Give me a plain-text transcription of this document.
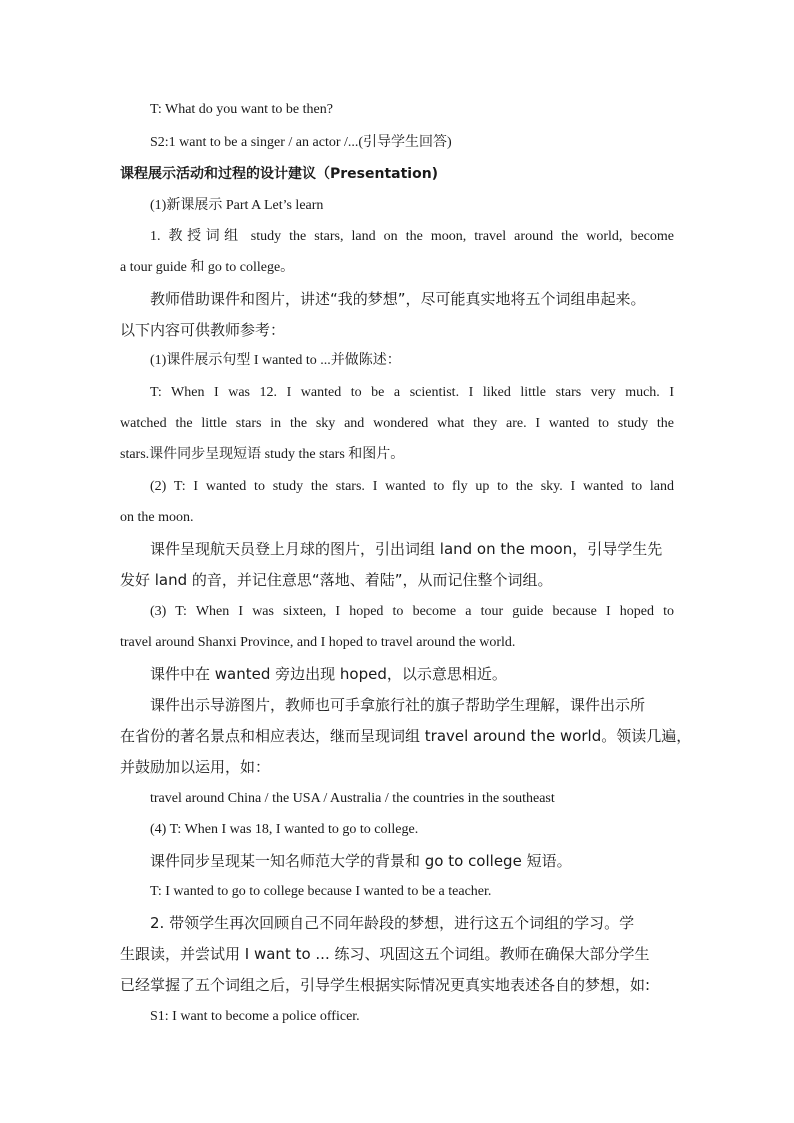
T: What do you want to be then?
S2:1 want to be a singer / an actor /...(引导学生回答)
课程展示活动和过程的设计建议（Presentation)
(1)新课展示 Part A Let’s learn
1. 教授词组 study the stars, land on the moon, travel around the world, become
a tour guide 和 go to college。
教师借助课件和图片，讲述“我的梦想”，尽可能真实地将五个词组串起来。
以下内容可供教师参考：
(1)课件展示句型 I wanted to ...并做陈述：
T: When I was 12. I wanted to be a scientist. I liked little stars very much. I
watched the little stars in the sky and wondered what they are. I wanted to study the
stars.课件同步呈现短语 study the stars 和图片。
(2) T: I wanted to study the stars. I wanted to fly up to the sky. I wanted to land
on the moon.
课件呈现航天员登上月球的图片，引出词组 land on the moon，引导学生先
发好 land 的音，并记住意思“落地、着陆”，从而记住整个词组。
(3) T: When I was sixteen, I hoped to become a tour guide because I hoped to
travel around Shanxi Province, and I hoped to travel around the world.
课件中在 wanted 旁边出现 hoped，以示意思相近。
课件出示导游图片，教师也可手拿旅行社的旗子帮助学生理解，课件出示所
在省份的著名景点和相应表达，继而呈现词组 travel around the world。领读几遍，
并鼓励加以运用，如：
travel around China / the USA / Australia / the countries in the southeast
(4) T: When I was 18, I wanted to go to college.
课件同步呈现某一知名师范大学的背景和 go to college 短语。
T: I wanted to go to college because I wanted to be a teacher.
2. 带领学生再次回顾自己不同年龄段的梦想，进行这五个词组的学习。学
生跟读，并尝试用 I want to ... 练习、巩固这五个词组。教师在确保大部分学生
已经掌握了五个词组之后，引导学生根据实际情况更真实地表述各自的梦想，如:
S1: I want to become a police officer.
